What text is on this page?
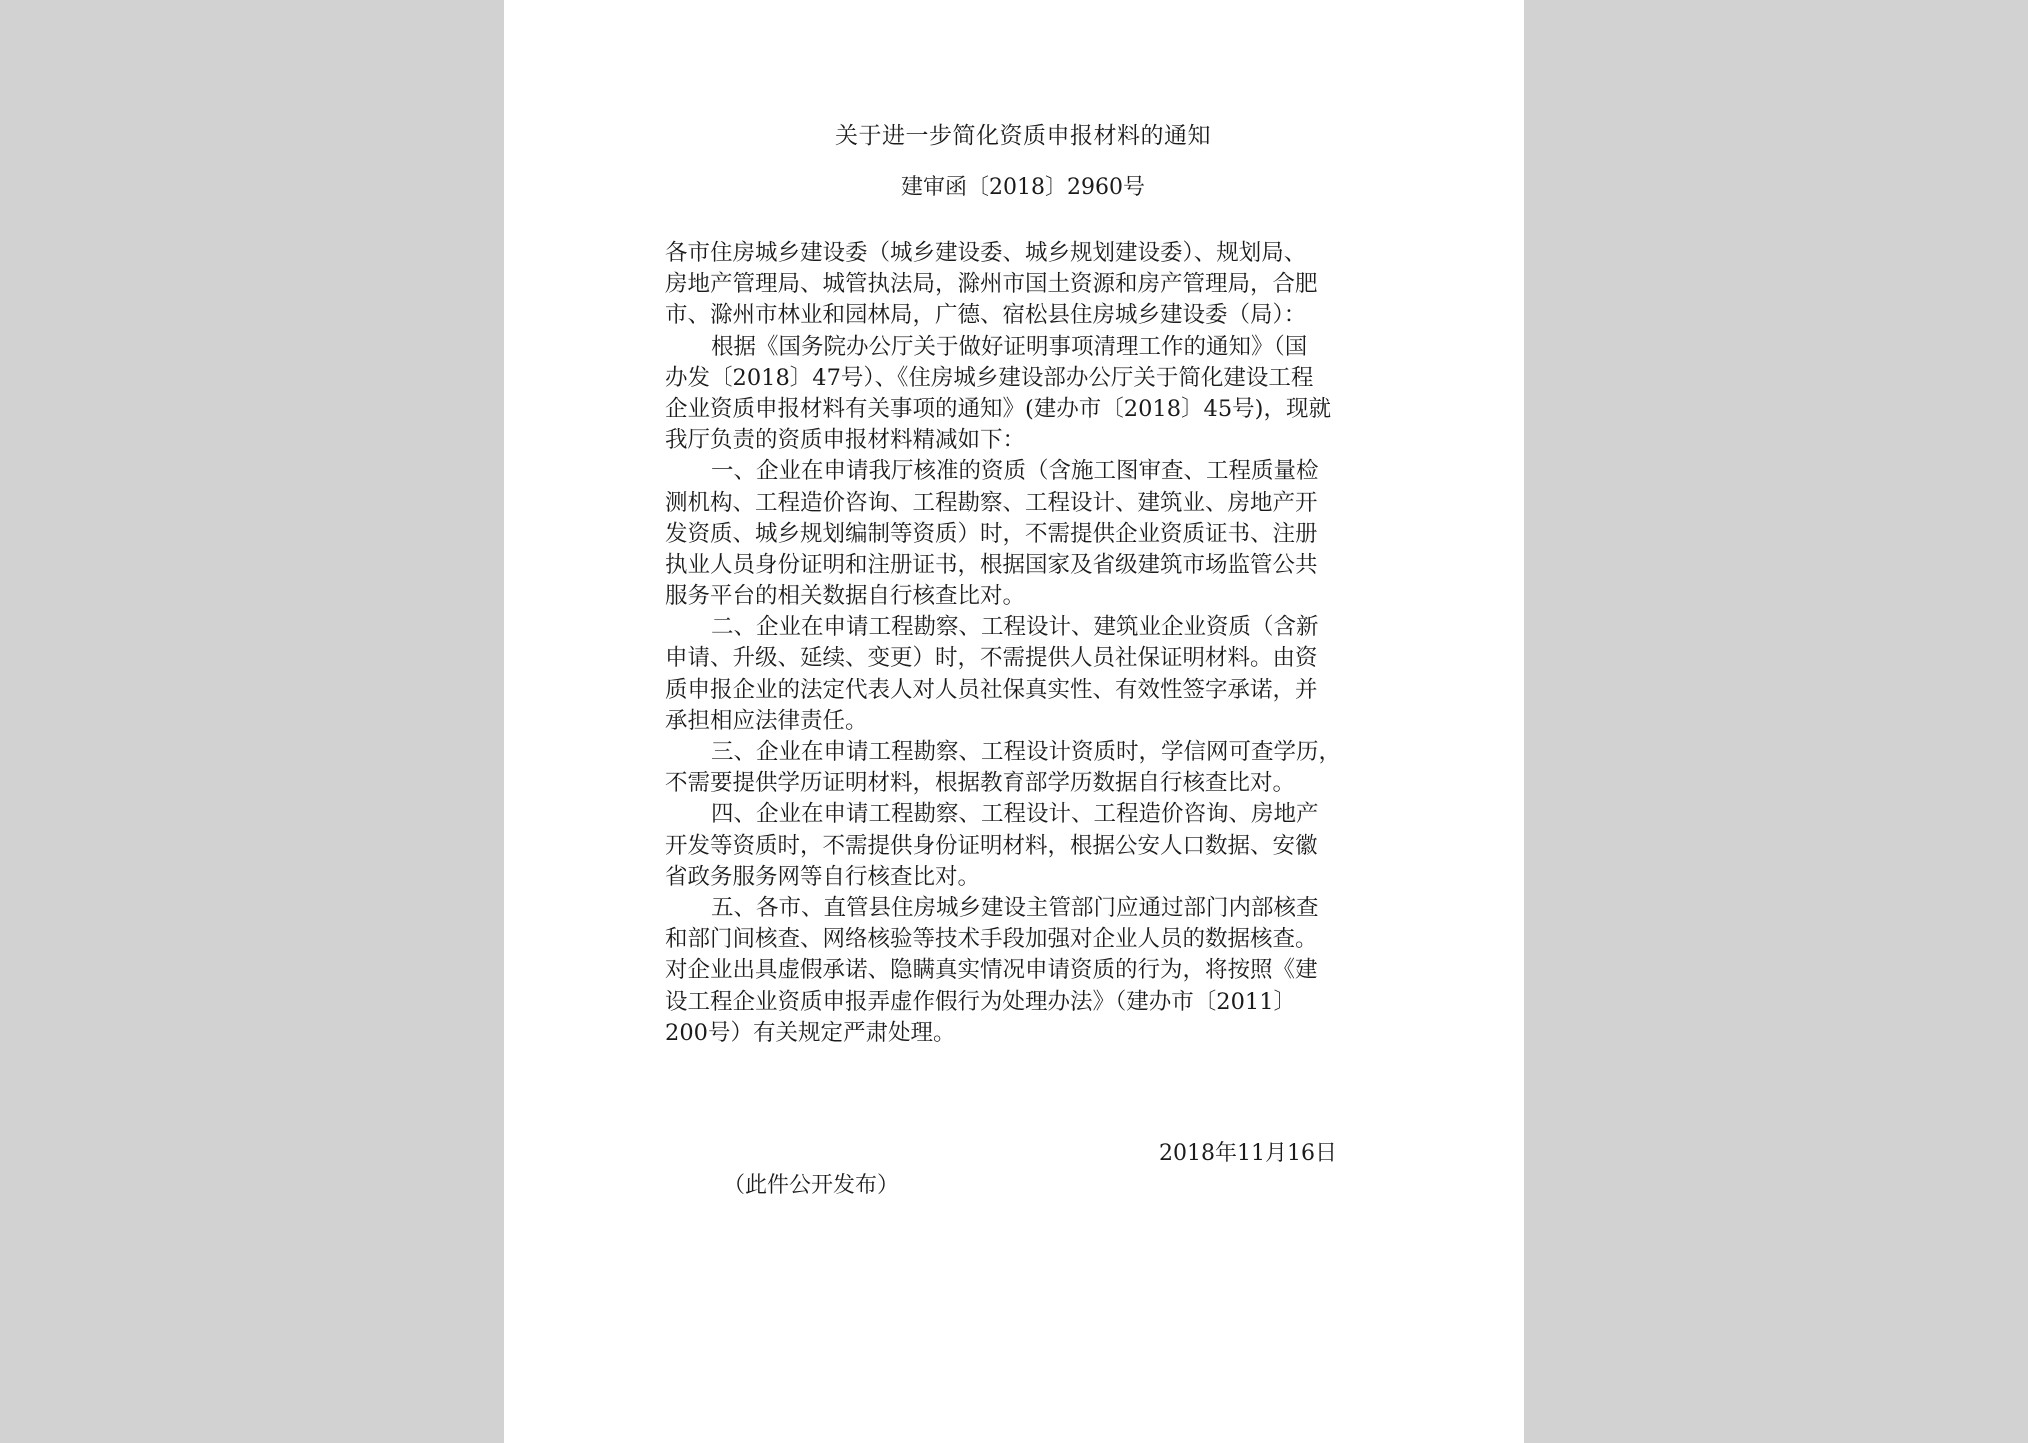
关于进一步简化资质申报材料的通知
建审函〔2018〕2960号
各市住房城乡建设委（城乡建设委、城乡规划建设委）、规划局、
房地产管理局、城管执法局，滁州市国土资源和房产管理局，合肥
市、滁州市林业和园林局，广德、宿松县住房城乡建设委（局）：
根据《国务院办公厅关于做好证明事项清理工作的通知》（国
办发〔2018〕47号）、《住房城乡建设部办公厅关于简化建设工程
企业资质申报材料有关事项的通知》(建办市〔2018〕45号)，现就
我厅负责的资质申报材料精减如下：
一、企业在申请我厅核准的资质（含施工图审查、工程质量检
测机构、工程造价咨询、工程勘察、工程设计、建筑业、房地产开
发资质、城乡规划编制等资质）时，不需提供企业资质证书、注册
执业人员身份证明和注册证书，根据国家及省级建筑市场监管公共
服务平台的相关数据自行核查比对。
二、企业在申请工程勘察、工程设计、建筑业企业资质（含新
申请、升级、延续、变更）时，不需提供人员社保证明材料。由资
质申报企业的法定代表人对人员社保真实性、有效性签字承诺，并
承担相应法律责任。
三、企业在申请工程勘察、工程设计资质时，学信网可查学历，
不需要提供学历证明材料，根据教育部学历数据自行核查比对。
四、企业在申请工程勘察、工程设计、工程造价咨询、房地产
开发等资质时，不需提供身份证明材料，根据公安人口数据、安徽
省政务服务网等自行核查比对。
五、各市、直管县住房城乡建设主管部门应通过部门内部核查
和部门间核查、网络核验等技术手段加强对企业人员的数据核查。
对企业出具虚假承诺、隐瞒真实情况申请资质的行为，将按照《建
设工程企业资质申报弄虚作假行为处理办法》（建办市〔2011〕
200号）有关规定严肃处理。
2018年11月16日
（此件公开发布）
